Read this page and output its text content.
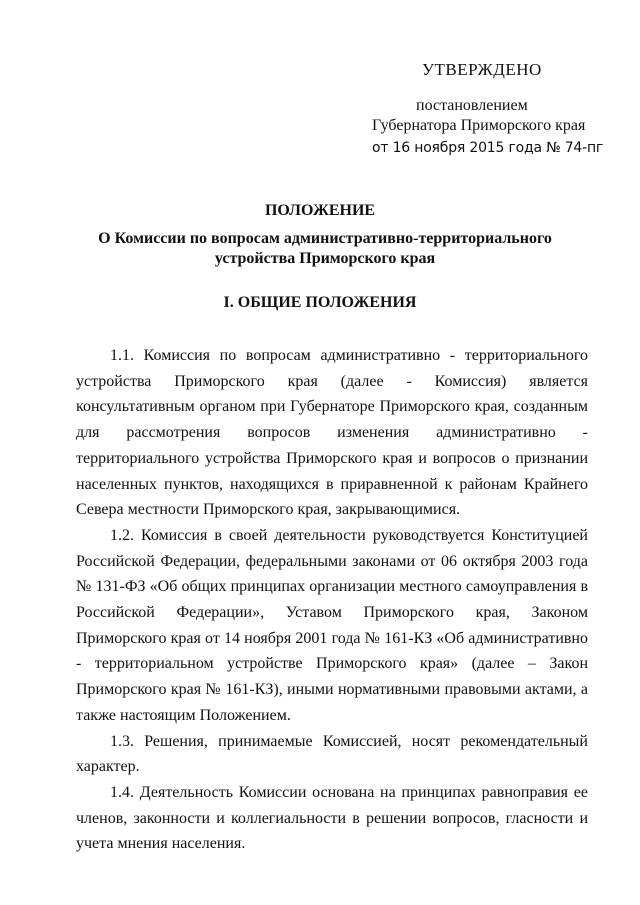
УТВЕРЖДЕНО
постановлением
Губернатора Приморского края
от 16 ноября 2015 года № 74-пг
ПОЛОЖЕНИЕ
О Комиссии по вопросам административно-территориального устройства Приморского края
I. ОБЩИЕ ПОЛОЖЕНИЯ

1.1. Комиссия по вопросам административно - территориального устройства Приморского края (далее - Комиссия) является консультативным органом при Губернаторе Приморского края, созданным для рассмотрения вопросов изменения административно - территориального устройства Приморского края и вопросов о признании населенных пунктов, находящихся в приравненной к районам Крайнего Севера местности Приморского края, закрывающимися.

1.2. Комиссия в своей деятельности руководствуется Конституцией Российской Федерации, федеральными законами от 06 октября 2003 года № 131-ФЗ «Об общих принципах организации местного самоуправления в Российской Федерации», Уставом Приморского края, Законом Приморского края от 14 ноября 2001 года № 161-КЗ «Об административно - территориальном устройстве Приморского края» (далее – Закон Приморского края № 161-КЗ), иными нормативными правовыми актами, а также настоящим Положением.

1.3. Решения, принимаемые Комиссией, носят рекомендательный характер.

1.4. Деятельность Комиссии основана на принципах равноправия ее членов, законности и коллегиальности в решении вопросов, гласности и учета мнения населения.
